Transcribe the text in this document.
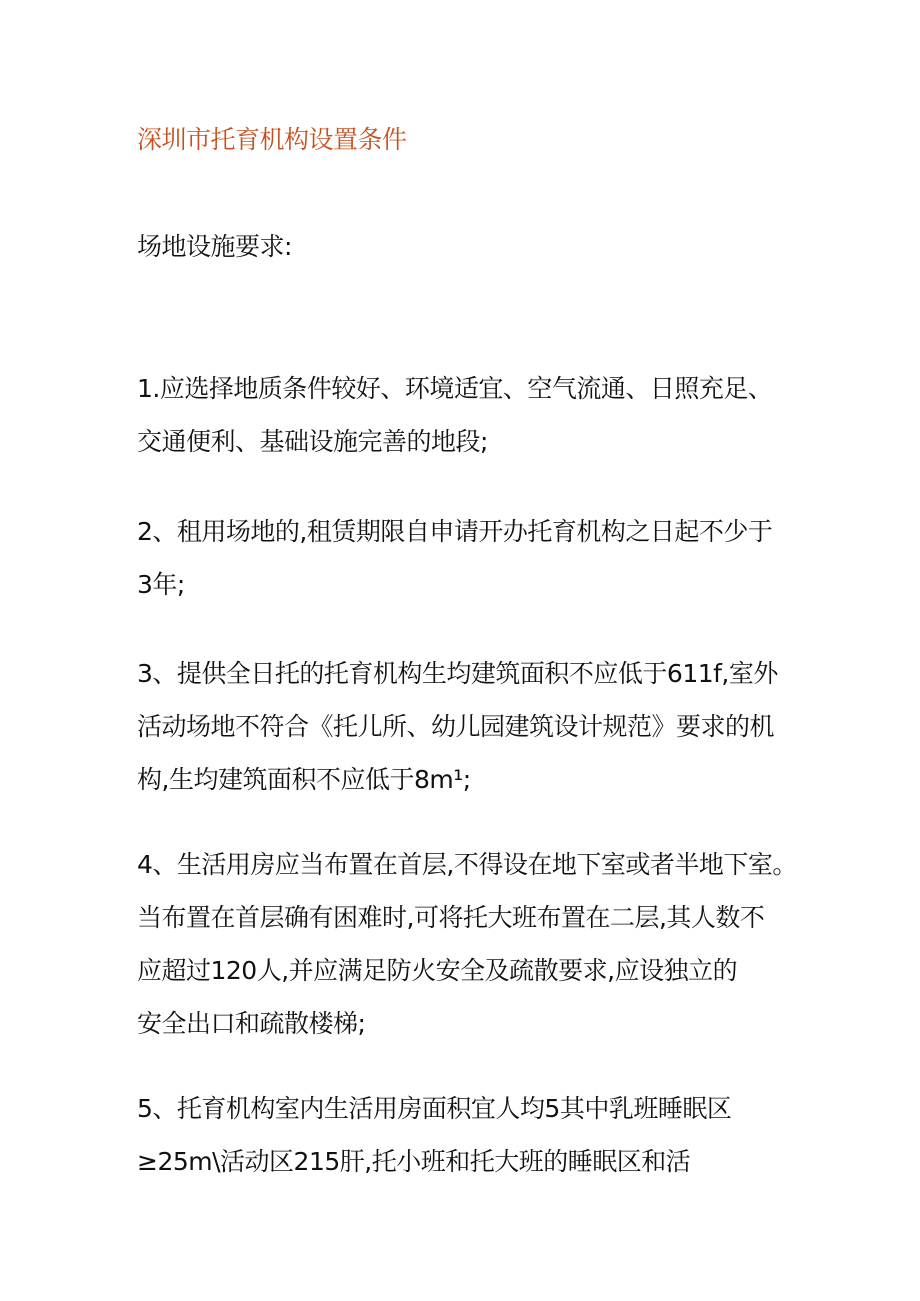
深圳市托育机构设置条件
场地设施要求:
1.应选择地质条件较好、环境适宜、空气流通、日照充足、
交通便利、基础设施完善的地段;
2、租用场地的,租赁期限自申请开办托育机构之日起不少于
3年;
3、提供全日托的托育机构生均建筑面积不应低于611f,室外
活动场地不符合《托儿所、幼儿园建筑设计规范》要求的机
构,生均建筑面积不应低于8m¹;
4、生活用房应当布置在首层,不得设在地下室或者半地下室。
当布置在首层确有困难时,可将托大班布置在二层,其人数不
应超过120人,并应满足防火安全及疏散要求,应设独立的
安全出口和疏散楼梯;
5、托育机构室内生活用房面积宜人均5其中乳班睡眠区
≥25m\活动区215肝,托小班和托大班的睡眠区和活
